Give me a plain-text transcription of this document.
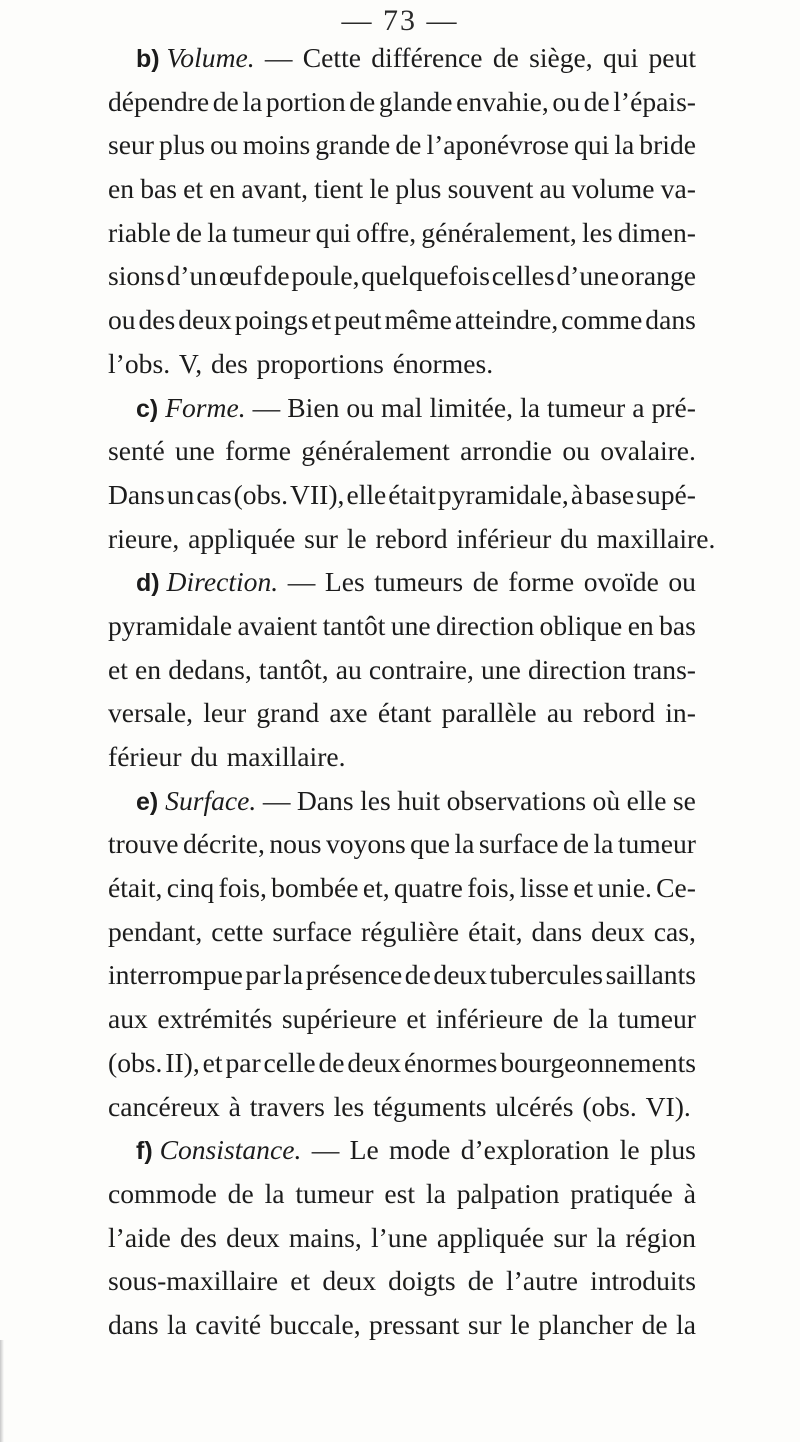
— 73 —
b) Volume. — Cette différence de siège, qui peut
dépendre de la portion de glande envahie, ou de l’épais-
seur plus ou moins grande de l’aponévrose qui la bride
en bas et en avant, tient le plus souvent au volume va-
riable de la tumeur qui offre, généralement, les dimen-
sions d’un œuf de poule, quelquefois celles d’une orange
ou des deux poings et peut même atteindre, comme dans
l’obs. V, des proportions énormes.
c) Forme. — Bien ou mal limitée, la tumeur a pré-
senté une forme généralement arrondie ou ovalaire.
Dans un cas (obs. VII), elle était pyramidale, à base supé-
rieure, appliquée sur le rebord inférieur du maxillaire.
d) Direction. — Les tumeurs de forme ovoïde ou
pyramidale avaient tantôt une direction oblique en bas
et en dedans, tantôt, au contraire, une direction trans-
versale, leur grand axe étant parallèle au rebord in-
férieur du maxillaire.
e) Surface. — Dans les huit observations où elle se
trouve décrite, nous voyons que la surface de la tumeur
était, cinq fois, bombée et, quatre fois, lisse et unie. Ce-
pendant, cette surface régulière était, dans deux cas,
interrompue par la présence de deux tubercules saillants
aux extrémités supérieure et inférieure de la tumeur
(obs. II), et par celle de deux énormes bourgeonnements
cancéreux à travers les téguments ulcérés (obs. VI).
f) Consistance. — Le mode d’exploration le plus
commode de la tumeur est la palpation pratiquée à
l’aide des deux mains, l’une appliquée sur la région
sous-maxillaire et deux doigts de l’autre introduits
dans la cavité buccale, pressant sur le plancher de la
